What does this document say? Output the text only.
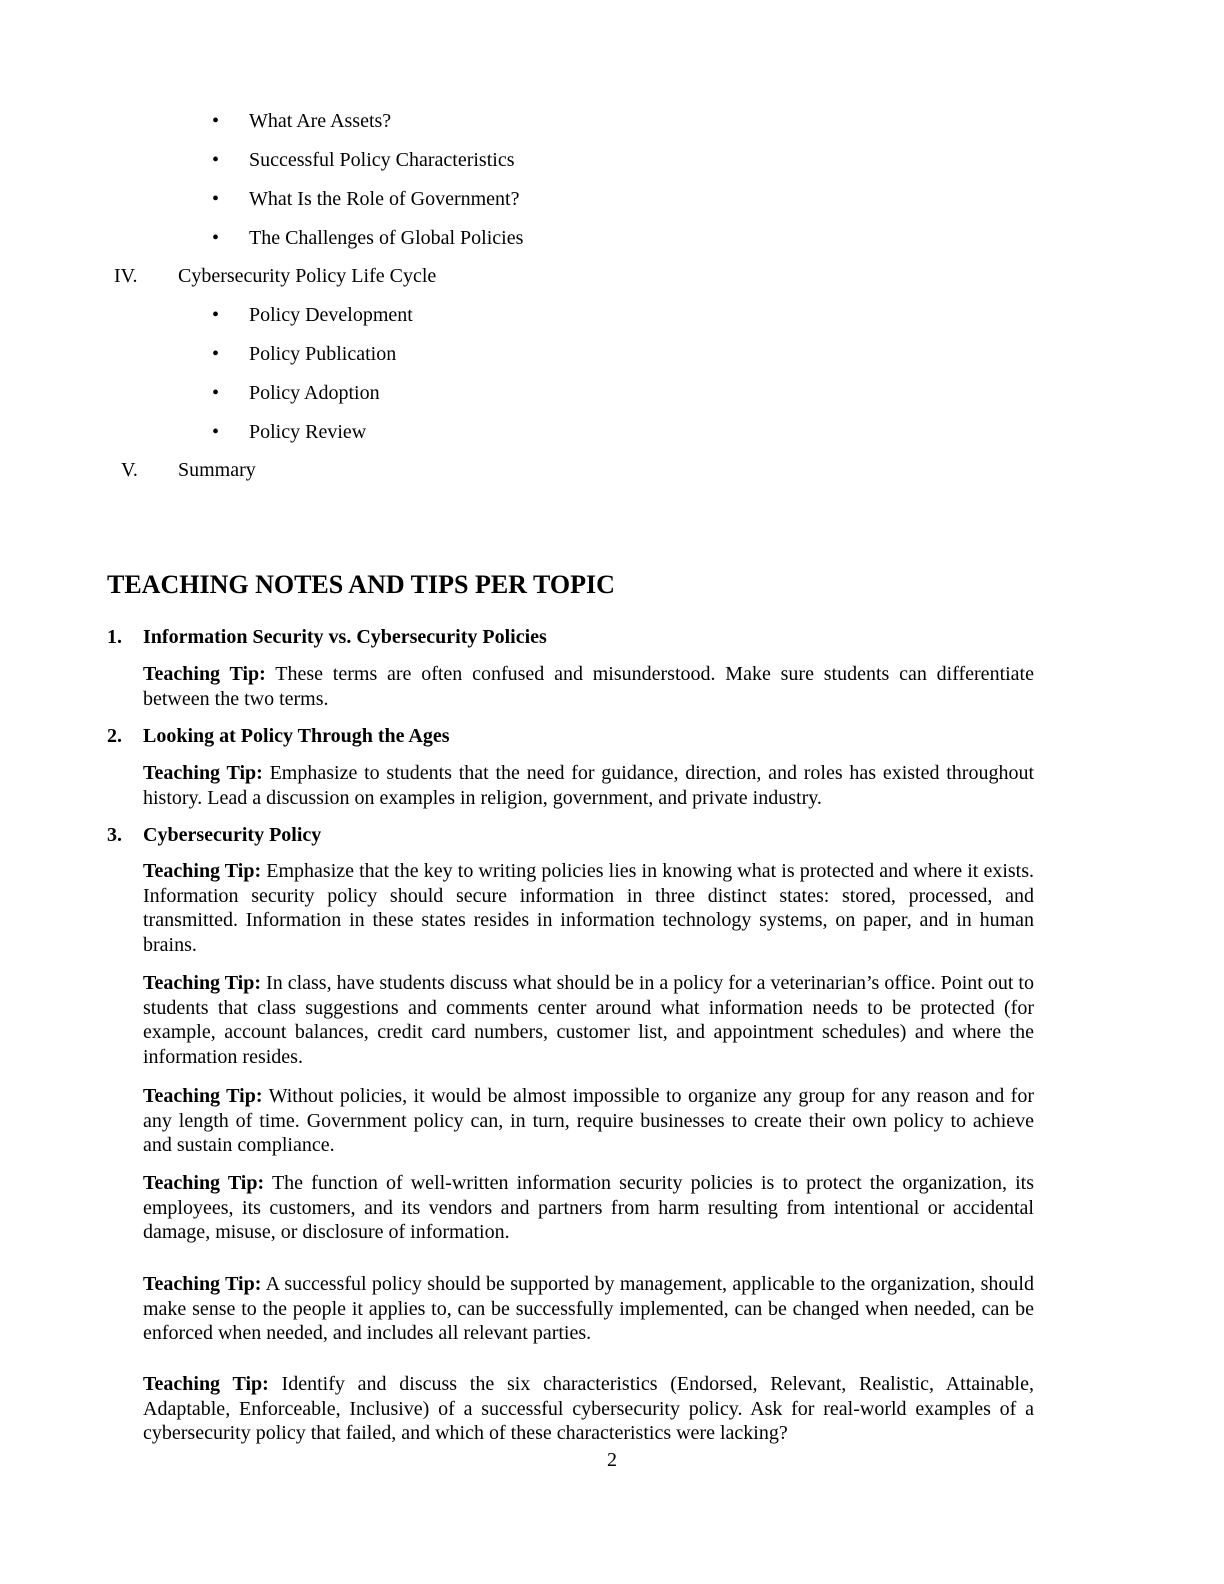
• What Are Assets?
• Successful Policy Characteristics
• What Is the Role of Government?
• The Challenges of Global Policies
IV. Cybersecurity Policy Life Cycle
• Policy Development
• Policy Publication
• Policy Adoption
• Policy Review
V. Summary
TEACHING NOTES AND TIPS PER TOPIC
1. Information Security vs. Cybersecurity Policies

Teaching Tip: These terms are often confused and misunderstood. Make sure students can differentiate between the two terms.

2. Looking at Policy Through the Ages

Teaching Tip: Emphasize to students that the need for guidance, direction, and roles has existed throughout history. Lead a discussion on examples in religion, government, and private industry.

3. Cybersecurity Policy

Teaching Tip: Emphasize that the key to writing policies lies in knowing what is protected and where it exists. Information security policy should secure information in three distinct states: stored, processed, and transmitted. Information in these states resides in information technology systems, on paper, and in human brains.

Teaching Tip: In class, have students discuss what should be in a policy for a veterinarian’s office. Point out to students that class suggestions and comments center around what information needs to be protected (for example, account balances, credit card numbers, customer list, and appointment schedules) and where the information resides.

Teaching Tip: Without policies, it would be almost impossible to organize any group for any reason and for any length of time. Government policy can, in turn, require businesses to create their own policy to achieve and sustain compliance.

Teaching Tip: The function of well-written information security policies is to protect the organization, its employees, its customers, and its vendors and partners from harm resulting from intentional or accidental damage, misuse, or disclosure of information.

Teaching Tip: A successful policy should be supported by management, applicable to the organization, should make sense to the people it applies to, can be successfully implemented, can be changed when needed, can be enforced when needed, and includes all relevant parties.

Teaching Tip: Identify and discuss the six characteristics (Endorsed, Relevant, Realistic, Attainable, Adaptable, Enforceable, Inclusive) of a successful cybersecurity policy. Ask for real-world examples of a cybersecurity policy that failed, and which of these characteristics were lacking?

2
